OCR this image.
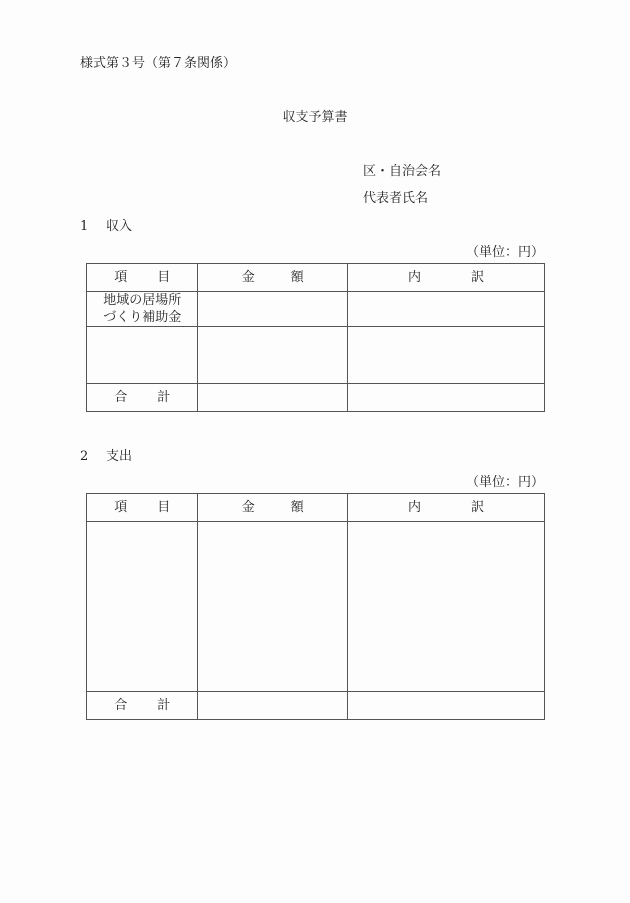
様式第３号（第７条関係）
収支予算書
区・自治会名
代表者氏名
1 収入
（単位：円）
項 目	金 額	内 訳

地域の居場所
づくり補助金		

合 計		
2 支出
（単位：円）
項 目	金 額	内 訳

合 計		
